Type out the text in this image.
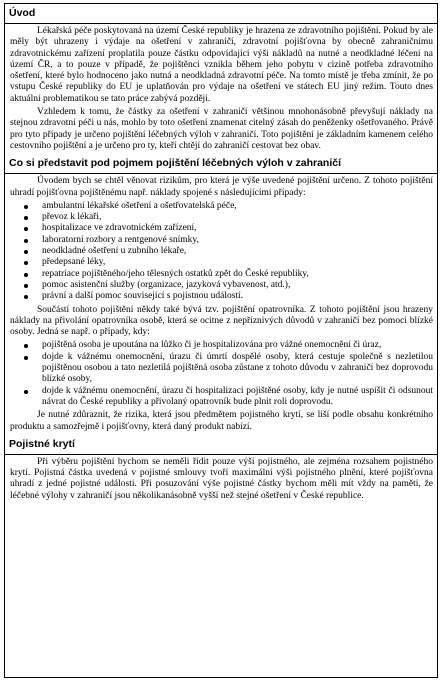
Úvod

Lékařská péče poskytovaná na území České republiky je hrazena ze zdravotního pojištění. Pokud by ale měly být uhrazeny i výdaje na ošetření v zahraničí, zdravotní pojišťovna by obecně zahraničnímu zdravotnickému zařízení proplatila pouze částku odpovídající výši nákladů na nutné a neodkladné léčení na území ČR, a to pouze v případě, že pojištěnci vznikla během jeho pobytu v cizině potřeba zdravotního ošetření, které bylo hodnoceno jako nutná a neodkladná zdravotní péče. Na tomto místě je třeba zmínit, že po vstupu České republiky do EU je uplatňován pro výdaje na ošetření ve státech EU jiný režim. Touto dnes aktuální problematikou se tato práce zabývá později.

Vzhledem k tomu, že částky za ošetření v zahraničí většinou mnohonásobně převyšují náklady na stejnou zdravotní péči u nás, mohlo by toto ošetření znamenat citelný zásah do peněženky ošetřovaného. Právě pro tyto případy je určeno pojištění léčebných výloh v zahraničí. Toto pojištění je základním kamenem celého cestovního pojištění a je určeno pro ty, kteří chtějí do zahraničí cestovat bez obav.

Co si představit pod pojmem pojištění léčebných výloh v zahraničí

Úvodem bych se chtěl věnovat rizikům, pro která je výše uvedené pojištění určeno. Z tohoto pojištění uhradí pojišťovna pojištěnému např. náklady spojené s následujícími případy:

ambulantní lékařské ošetření a ošetřovatelská péče,
převoz k lékaři,
hospitalizace ve zdravotnickém zařízení,
laboratorní rozbory a rentgenové snímky,
neodkladné ošetření u zubního lékaře,
předepsané léky,
repatriace pojištěného/jeho tělesných ostatků zpět do České republiky,
pomoc asistenční služby (organizace, jazyková vybavenost, atd.),
právní a další pomoc související s pojistnou událostí.

Součástí tohoto pojištění někdy také bývá tzv. pojištění opatrovníka. Z tohoto pojištění jsou hrazeny náklady na přivolání opatrovníka osobě, která se ocitne z nepříznivých důvodů v zahraničí bez pomoci blízké osoby. Jedná se např. o případy, kdy:

pojištěná osoba je upoutána na lůžko či je hospitalizována pro vážné onemocnění či úraz,
dojde k vážnému onemocnění, úrazu či úmrtí dospělé osoby, která cestuje společně s nezletilou pojištěnou osobou a tato nezletilá pojištěná osoba zůstane z tohoto důvodu v zahraničí bez doprovodu blízké osoby,
dojde k vážnému onemocnění, úrazu či hospitalizaci pojištěné osoby, kdy je nutné uspíšit či odsunout návrat do České republiky a přivolaný opatrovník bude plnit roli doprovodu.

Je nutné zdůraznit, že rizika, která jsou předmětem pojistného krytí, se liší podle obsahu konkrétního produktu a samozřejmě i pojišťovny, která daný produkt nabízí.

Pojistné krytí

Při výběru pojištění bychom se neměli řídit pouze výší pojistného, ale zejména rozsahem pojistného krytí. Pojistná částka uvedená v pojistné smlouvy tvoří maximální výši pojistného plnění, které pojišťovna uhradí z jedné pojistné události. Při posuzování výše pojistné částky bychom měli mít vždy na paměti, že léčebné výlohy v zahraničí jsou několikanásobně vyšší než stejné ošetření v České republice.
